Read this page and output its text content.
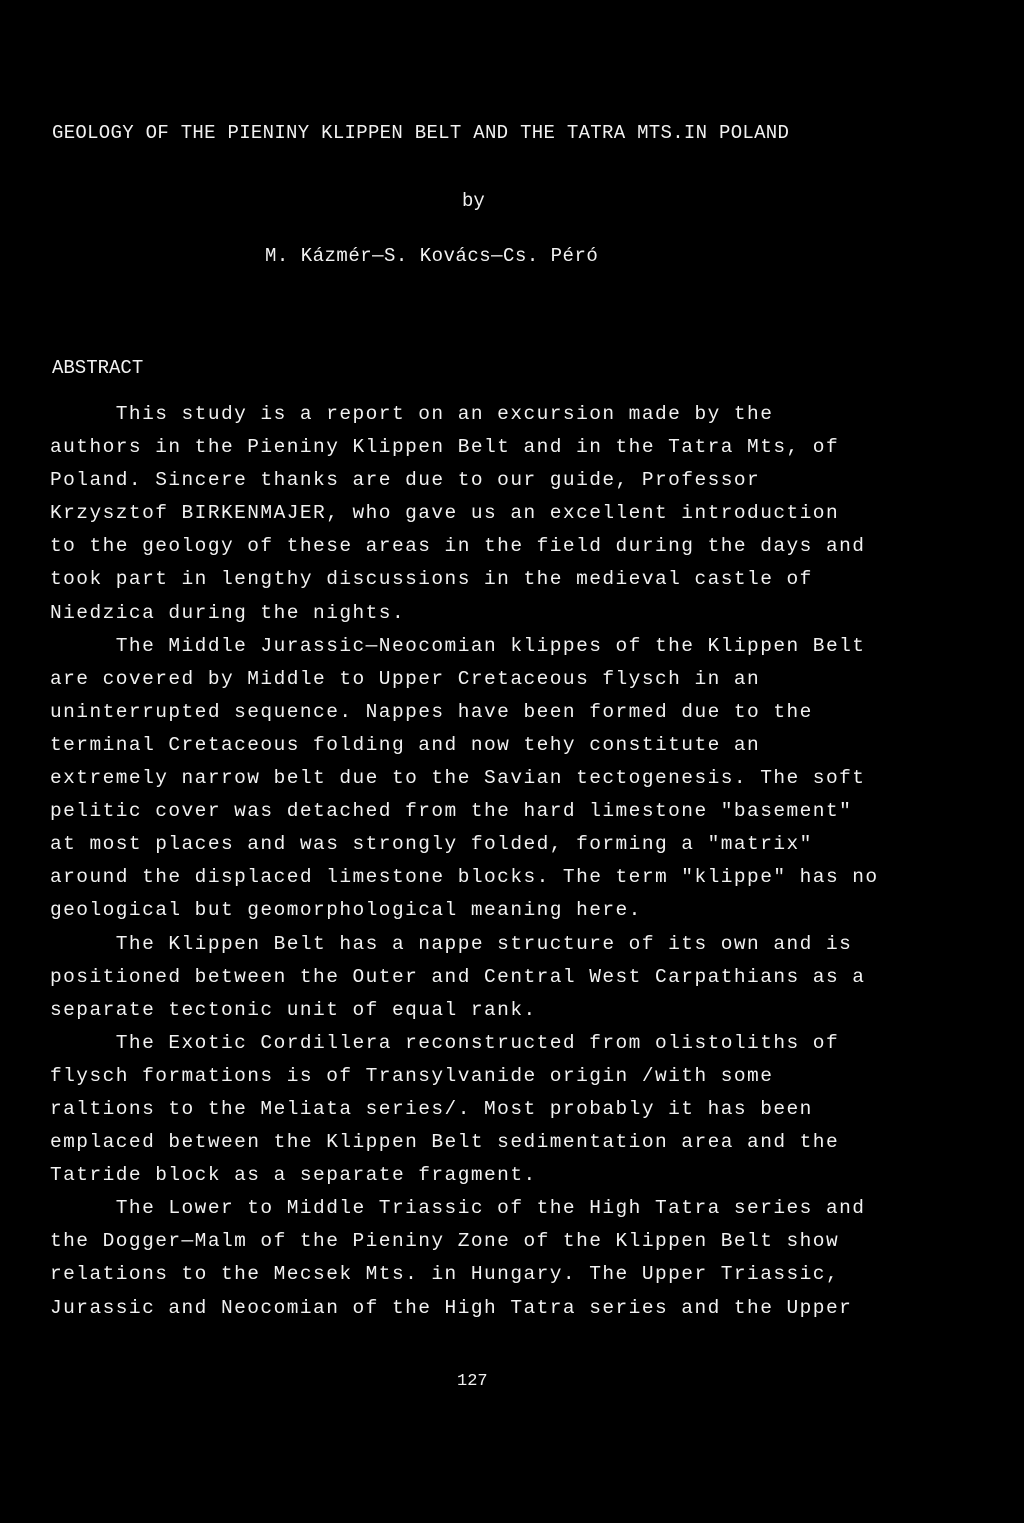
GEOLOGY OF THE PIENINY KLIPPEN BELT AND THE TATRA MTS.IN POLAND
by
M. Kázmér—S. Kovács—Cs. Péró
ABSTRACT
This study is a report on an excursion made by the
authors in the Pieniny Klippen Belt and in the Tatra Mts, of
Poland. Sincere thanks are due to our guide, Professor
Krzysztof BIRKENMAJER, who gave us an excellent introduction
to the geology of these areas in the field during the days and
took part in lengthy discussions in the medieval castle of
Niedzica during the nights.
The Middle Jurassic—Neocomian klippes of the Klippen Belt
are covered by Middle to Upper Cretaceous flysch in an
uninterrupted sequence. Nappes have been formed due to the
terminal Cretaceous folding and now tehy constitute an
extremely narrow belt due to the Savian tectogenesis. The soft
pelitic cover was detached from the hard limestone "basement"
at most places and was strongly folded, forming a "matrix"
around the displaced limestone blocks. The term "klippe" has no
geological but geomorphological meaning here.
The Klippen Belt has a nappe structure of its own and is
positioned between the Outer and Central West Carpathians as a
separate tectonic unit of equal rank.
The Exotic Cordillera reconstructed from olistoliths of
flysch formations is of Transylvanide origin /with some
raltions to the Meliata series/. Most probably it has been
emplaced between the Klippen Belt sedimentation area and the
Tatride block as a separate fragment.
The Lower to Middle Triassic of the High Tatra series and
the Dogger—Malm of the Pieniny Zone of the Klippen Belt show
relations to the Mecsek Mts. in Hungary. The Upper Triassic,
Jurassic and Neocomian of the High Tatra series and the Upper
127
